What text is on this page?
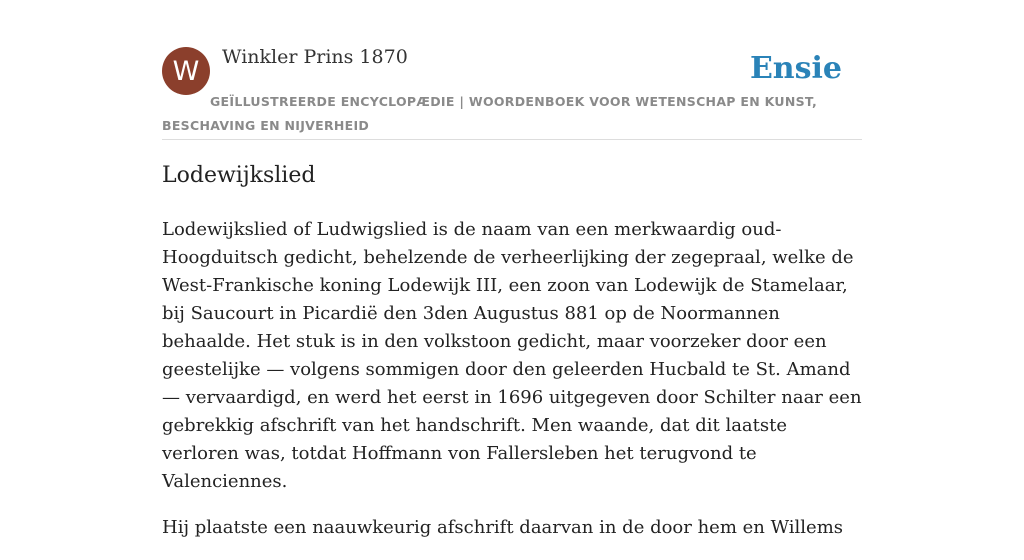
W	Winkler Prins 1870	Ensie
GEÏLLUSTREERDE ENCYCLOPÆDIE | WOORDENBOEK VOOR WETENSCHAP EN KUNST, BESCHAVING EN NIJVERHEID
Lodewijkslied

Lodewijkslied of Ludwigslied is de naam van een merkwaardig oud-Hoogduitsch gedicht, behelzende de verheerlijking der zegepraal, welke de West-Frankische koning Lodewijk III, een zoon van Lodewijk de Stamelaar, bij Saucourt in Picardië den 3den Augustus 881 op de Noormannen behaalde. Het stuk is in den volkstoon gedicht, maar voorzeker door een geestelijke — volgens sommigen door den geleerden Hucbald te St. Amand — vervaardigd, en werd het eerst in 1696 uitgegeven door Schilter naar een gebrekkig afschrift van het handschrift. Men waande, dat dit laatste verloren was, totdat Hoffmann von Fallersleben het terugvond te Valenciennes.

Hij plaatste een naauwkeurig afschrift daarvan in de door hem en Willems
